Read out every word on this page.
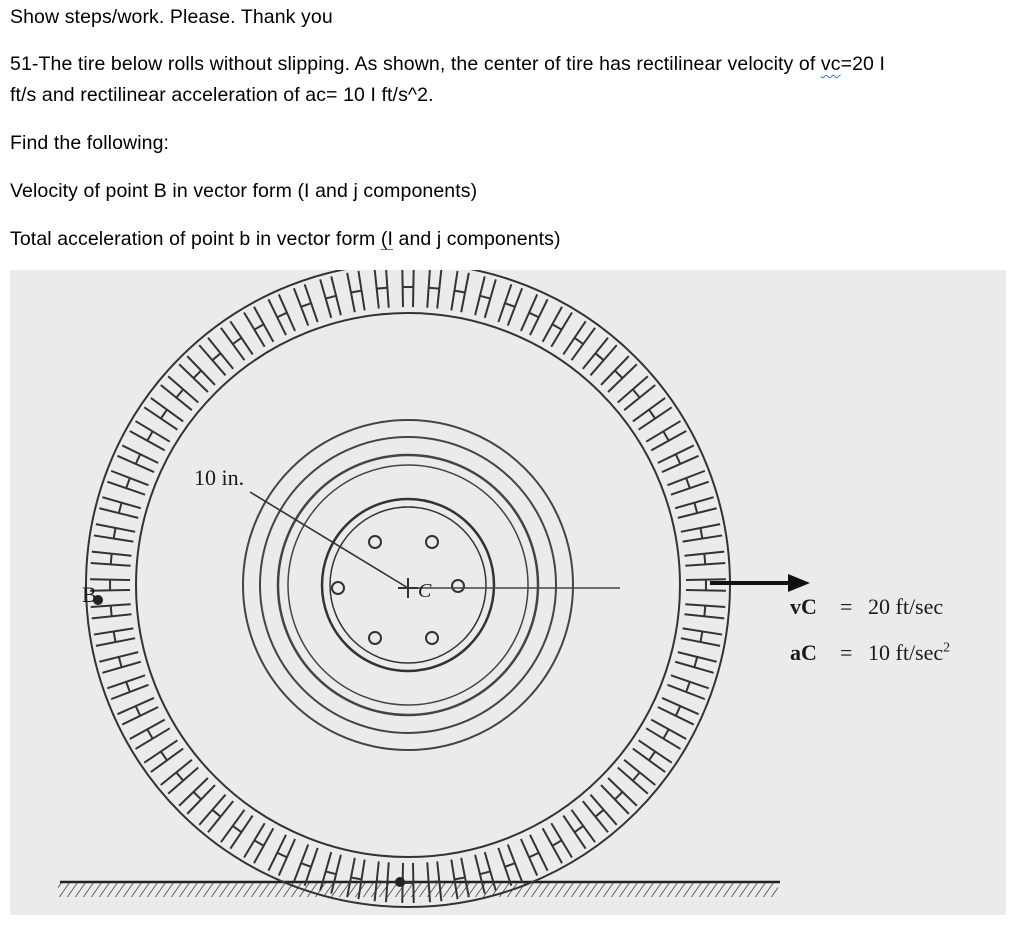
Show steps/work. Please. Thank you
51-The tire below rolls without slipping. As shown, the center of tire has rectilinear velocity of vc=20 I
ft/s and rectilinear acceleration of ac= 10 I ft/s^2.
Find the following:
Velocity of point B in vector form (I and j components)
Total acceleration of point b in vector form (I and j components)
10 in.
B	C
vC = 20 ft/sec
aC = 10 $ft/\sec^2$
